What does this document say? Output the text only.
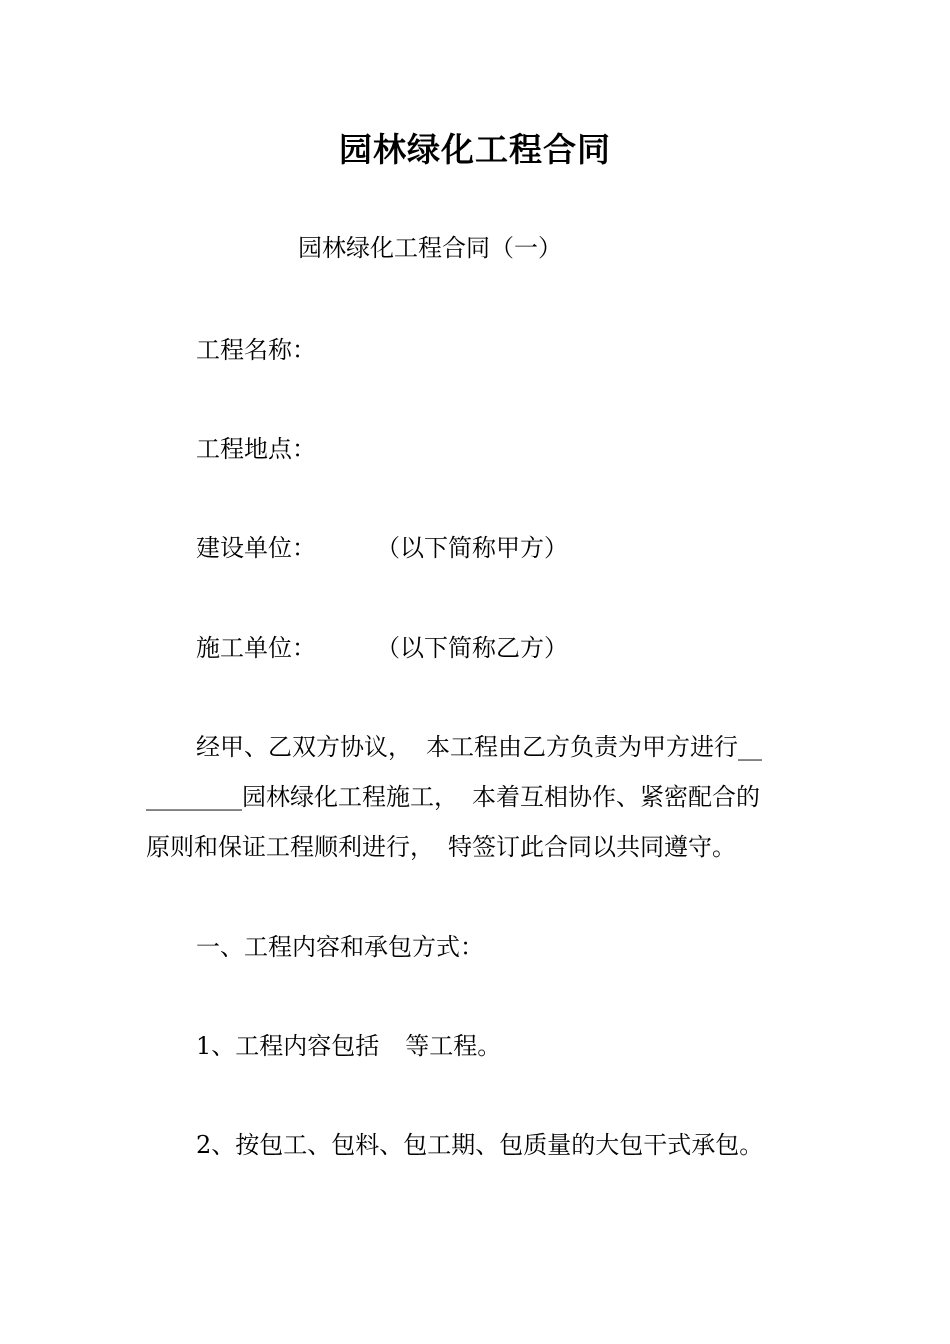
园林绿化工程合同
园林绿化工程合同（一）
工程名称：
工程地点：
建设单位：	（以下简称甲方）
施工单位：	（以下简称乙方）
经甲、乙双方协议， 本工程由乙方负责为甲方进行__
________园林绿化工程施工， 本着互相协作、紧密配合的
原则和保证工程顺利进行， 特签订此合同以共同遵守。
一、工程内容和承包方式：
1、工程内容包括 等工程。
2、按包工、包料、包工期、包质量的大包干式承包。
